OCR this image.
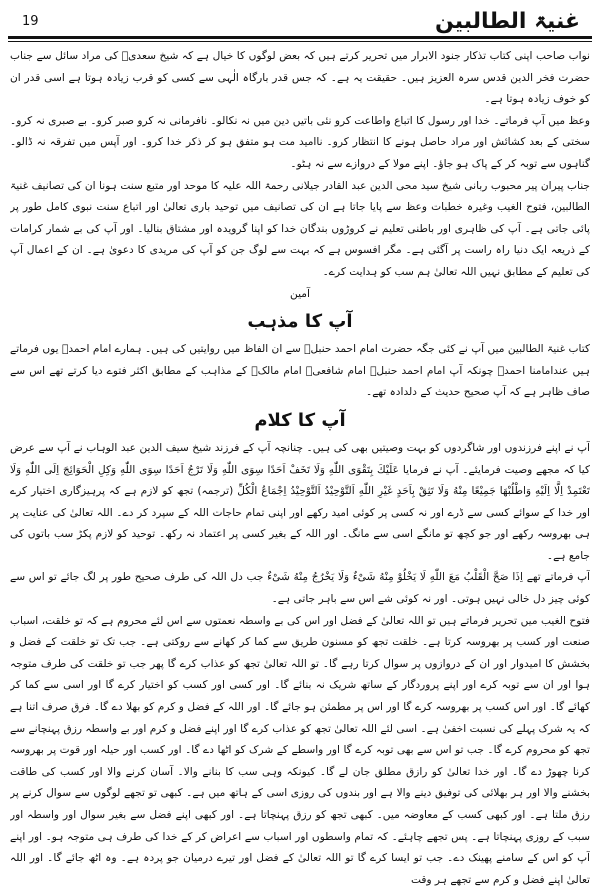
19	غنیۃ الطالبین

نواب صاحب اپنی کتاب تذکار جنود الابرار میں تحریر کرتے ہیں کہ بعض لوگوں کا خیال ہے کہ شیخ سعدیؒ کی مراد سائل سے جناب حضرت فخر الدین قدس سرہ العزیز ہیں۔ حقیقت یہ ہے۔ کہ جس قدر بارگاہ الٰہی سے کسی کو قرب زیادہ ہوتا ہے اسی قدر ان کو خوف زیادہ ہوتا ہے۔

وعظ میں آپ فرماتے۔ خدا اور رسول کا اتباع واطاعت کرو نئی باتیں دین میں نہ نکالو۔ نافرمانی نہ کرو صبر کرو۔ بے صبری نہ کرو۔ سختی کے بعد کشائش اور مراد حاصل ہونے کا انتظار کرو۔ ناامید مت ہو متفق ہو کر ذکر خدا کرو۔ اور آپس میں تفرقہ نہ ڈالو۔ گناہوں سے توبہ کر کے پاک ہو جاؤ۔ اپنے مولا کے دروازے سے نہ ہٹو۔

جناب پیران پیر محبوب ربانی شیخ سید محی الدین عبد القادر جیلانی رحمۃ اللہ علیہ کا موحد اور متبع سنت ہونا ان کی تصانیف غنیۃ الطالبین، فتوح الغیب وغیرہ خطبات وعظ سے پایا جاتا ہے ان کی تصانیف میں توحید باری تعالیٰ اور اتباع سنت نبوی کامل طور پر پائی جاتی ہے۔ آپ کی ظاہری اور باطنی تعلیم نے کروڑوں بندگان خدا کو اپنا گرویدہ اور مشتاق بنالیا۔ اور آپ کی بے شمار کرامات کے ذریعہ ایک دنیا راہ راست پر آگئی ہے۔ مگر افسوس ہے کہ بہت سے لوگ جن کو آپ کی مریدی کا دعویٰ ہے۔ ان کے اعمال آپ کی تعلیم کے مطابق نہیں اللہ تعالیٰ ہم سب کو ہدایت کرے۔

آمین

آپ کا مذہب

کتاب غنیۃ الطالبین میں آپ نے کئی جگہ حضرت امام احمد حنبلؒ سے ان الفاظ میں روایتیں کی ہیں۔ ہمارے امام احمدؒ یوں فرماتے ہیں عندامامنا احمدؒ چونکہ آپ امام احمد حنبلؒ امام شافعیؒ امام مالکؒ کے مذاہب کے مطابق اکثر فتوے دیا کرتے تھے اس سے صاف ظاہر ہے کہ آپ صحیح حدیث کے دلدادہ تھے۔

آپ کا کلام

آپ نے اپنے فرزندوں اور شاگردوں کو بہت وصیتیں بھی کی ہیں۔ چنانچہ آپ کے فرزند شیخ سیف الدین عبد الوہاب نے آپ سے عرض کیا کہ مجھے وصیت فرمایئے۔ آپ نے فرمایا عَلَیْكَ بِتَقْوَی اللّٰهِ وَلَا تَخَفْ اَحَدًا سِوَی اللّٰهِ وَلَا تَرْجُ اَحَدًا سِوَی اللّٰهِ وَكِلِ الْحَوَائِجَ اِلَی اللّٰهِ وَلَا تَعْتَمِدْ اِلَّا اِلَیْهِ وَاطْلُبْهَا جَمِیْعًا مِنْهُ وَلَا تَثِقْ بِاَحَدٍ غَیْرِ اللّٰهِ اَلتَّوْحِیْدُ اَلتَّوْحِیْدُ اِجْمَاعُ الْكُلِّ (ترجمہ) تجھ کو لازم ہے کہ پرہیزگاری اختیار کرے اور خدا کے سوائے کسی سے ڈرے اور نہ کسی پر کوئی امید رکھے اور اپنی تمام حاجات اللہ کے سپرد کر دے۔ اللہ تعالیٰ کی عنایت پر ہی بھروسہ رکھے اور جو کچھ تو مانگے اسی سے مانگ۔ اور اللہ کے بغیر کسی پر اعتماد نہ رکھ۔ توحید کو لازم پکڑ سب باتوں کی جامع ہے۔

آپ فرماتے تھے اِذَا صَحَّ الْقَلْبُ مَعَ اللّٰهِ لَا یَخْلُوْ مِنْهُ شَیْءٌ وَلَا یَخْرُجُ مِنْهُ شَیْءٌ جب دل اللہ کی طرف صحیح طور پر لگ جائے تو اس سے کوئی چیز دل خالی نہیں ہوتی۔ اور نہ کوئی شے اس سے باہر جاتی ہے۔

فتوح الغیب میں تحریر فرماتے ہیں تو اللہ تعالیٰ کے فضل اور اس کی بے واسطہ نعمتوں سے اس لئے محروم ہے کہ تو خلقت، اسباب صنعت اور کسب پر بھروسہ کرتا ہے۔ خلقت تجھ کو مسنون طریق سے کما کر کھانے سے روکتی ہے۔ جب تک تو خلقت کے فضل و بخشش کا امیدوار اور ان کے دروازوں پر سوال کرتا رہے گا۔ تو اللہ تعالیٰ تجھ کو عذاب کرے گا پھر جب تو خلقت کی طرف متوجہ ہوا اور ان سے توبہ کرے اور اپنے پروردگار کے ساتھ شریک نہ بنائے گا۔ اور کسی اور کسب کو اختیار کرے گا اور اسی سے کما کر کھائے گا۔ اور اس کسب پر بھروسہ کرے گا اور اس پر مطمئن ہو جائے گا۔ اور اللہ کے فضل و کرم کو بھلا دے گا۔ فرق صرف اتنا ہے کہ یہ شرک پہلے کی نسبت اخفیٰ ہے۔ اسی لئے اللہ تعالیٰ تجھ کو عذاب کرے گا اور اپنے فضل و کرم اور بے واسطہ رزق پہنچانے سے تجھ کو محروم کرے گا۔ جب تو اس سے بھی توبہ کرے گا اور واسطے کے شرک کو اٹھا دے گا۔ اور کسب اور حیلہ اور قوت پر بھروسہ کرنا چھوڑ دے گا۔ اور خدا تعالیٰ کو رازق مطلق جان لے گا۔ کیونکہ وہی سب کا بنانے والا۔ آسان کرنے والا اور کسب کی طاقت بخشنے والا اور ہر بھلائی کی توفیق دینے والا ہے اور بندوں کی روزی اسی کے ہاتھ میں ہے۔ کبھی تو تجھے لوگوں سے سوال کرنے پر رزق ملتا ہے۔ اور کبھی کسب کے معاوضہ میں۔ کبھی تجھ کو رزق پہنچاتا ہے۔ اور کبھی اپنے فضل سے بغیر سوال اور واسطہ اور سبب کے روزی پہنچاتا ہے۔ پس تجھے چاہئے۔ کہ تمام واسطوں اور اسباب سے اعراض کر کے خدا کی طرف ہی متوجہ ہو۔ اور اپنے آپ کو اس کے سامنے پھینک دے۔ جب تو ایسا کرے گا تو اللہ تعالیٰ کے فضل اور تیرے درمیان جو پردہ ہے۔ وہ اٹھ جائے گا۔ اور اللہ تعالیٰ اپنے فضل و کرم سے تجھے ہر وقت
